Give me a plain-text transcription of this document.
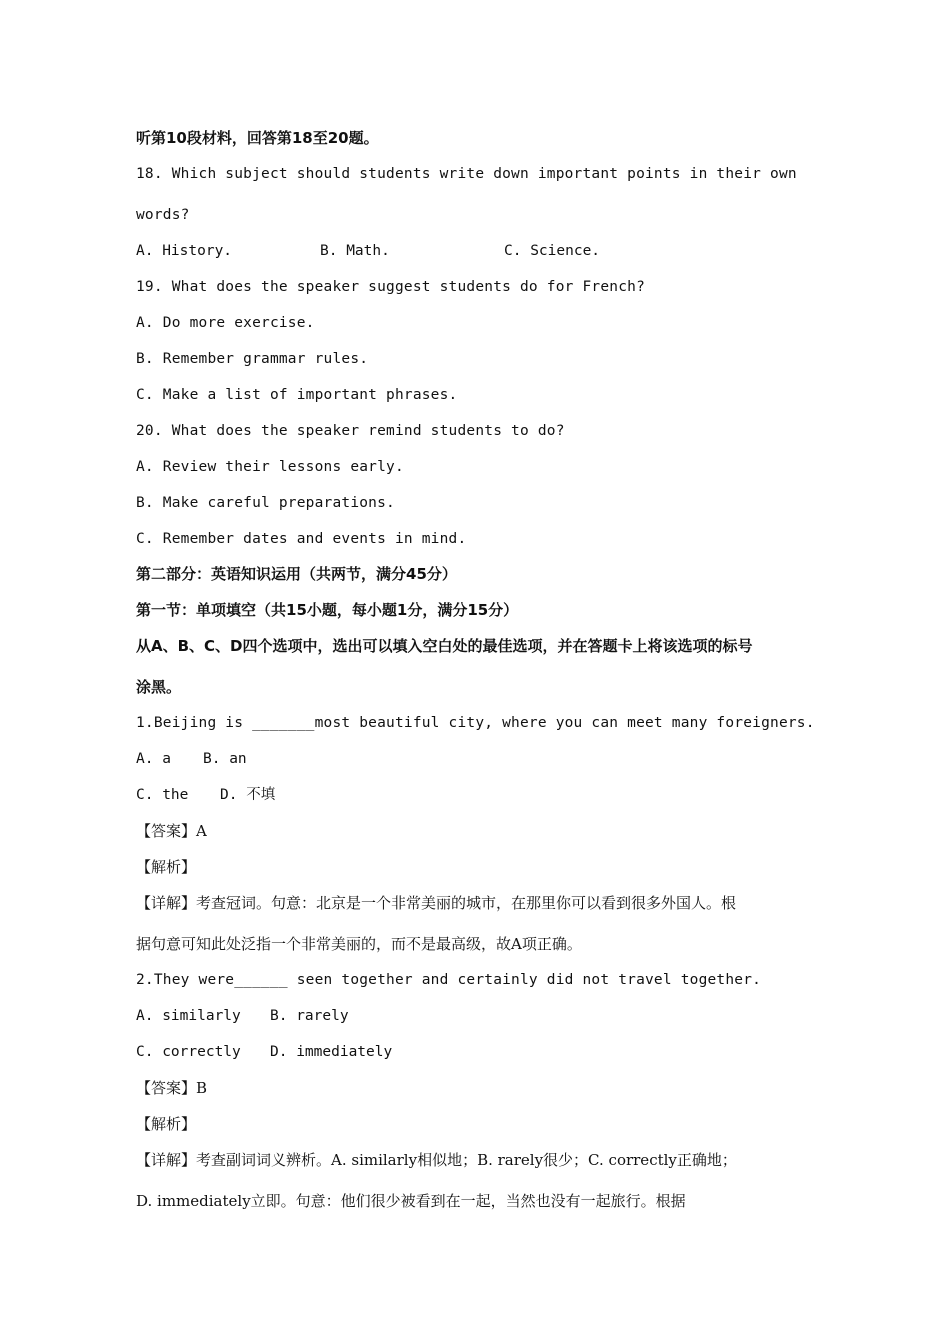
听第10段材料，回答第18至20题。
18. Which subject should students write down important points in their own
words?
A. History.	B. Math.	C. Science.
19. What does the speaker suggest students do for French?
A. Do more exercise.
B. Remember grammar rules.
C. Make a list of important phrases.
20. What does the speaker remind students to do?
A. Review their lessons early.
B. Make careful preparations.
C. Remember dates and events in mind.
第二部分：英语知识运用（共两节，满分45分）
第一节：单项填空（共15小题，每小题1分，满分15分）
从A、B、C、D四个选项中，选出可以填入空白处的最佳选项，并在答题卡上将该选项的标号
涂黑。
1.Beijing is _______most beautiful city, where you can meet many foreigners.
A. a B. an
C. the D. 不填
【答案】A
【解析】
【详解】考查冠词。句意：北京是一个非常美丽的城市，在那里你可以看到很多外国人。根
据句意可知此处泛指一个非常美丽的，而不是最高级，故A项正确。
2.They were______ seen together and certainly did not travel together.
A. similarly B. rarely
C. correctly D. immediately
【答案】B
【解析】
【详解】考查副词词义辨析。A. similarly相似地；B. rarely很少；C. correctly正确地；
D. immediately立即。句意：他们很少被看到在一起，当然也没有一起旅行。根据
